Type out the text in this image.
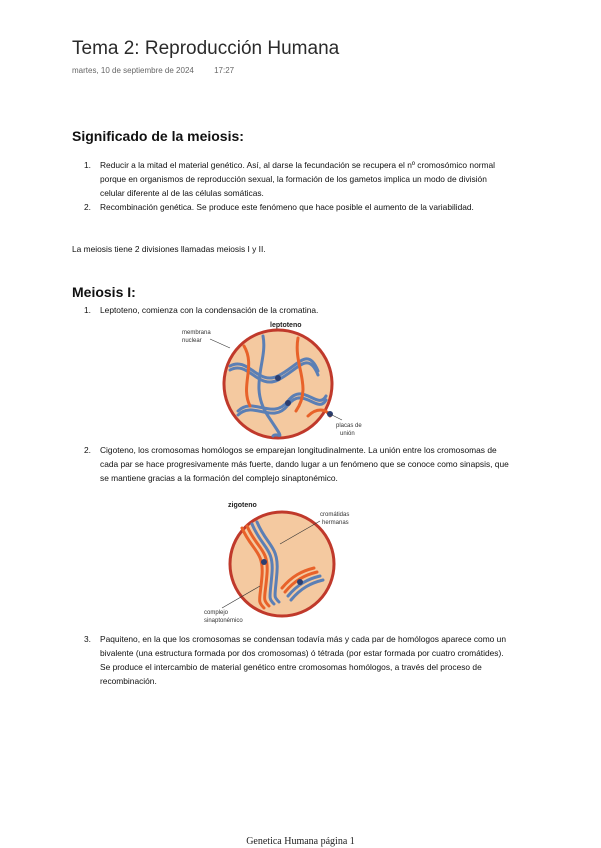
Tema 2: Reproducción Humana
martes, 10 de septiembre de 2024	17:27
Significado de la meiosis:
1. Reducir a la mitad el material genético. Así, al darse la fecundación se recupera el nº cromosómico normal porque en organismos de reproducción sexual, la formación de los gametos implica un modo de división celular diferente al de las células somáticas.
2. Recombinación genética. Se produce este fenómeno que hace posible el aumento de la variabilidad.
La meiosis tiene 2 divisiones llamadas meiosis I y II.
Meiosis I:
1. Leptoteno, comienza con la condensación de la cromatina.
leptoteno
membrana
nuclear
placas de
unión
2. Cigoteno, los cromosomas homólogos se emparejan longitudinalmente. La unión entre los cromosomas de cada par se hace progresivamente más fuerte, dando lugar a un fenómeno que se conoce como sinapsis, que se mantiene gracias a la formación del complejo sinaptonémico.
zigoteno
cromátidas
hermanas
complejo
sinaptonémico
3. Paquiteno, en la que los cromosomas se condensan todavía más y cada par de homólogos aparece como un bivalente (una estructura formada por dos cromosomas) ó tétrada (por estar formada por cuatro cromátides). Se produce el intercambio de material genético entre cromosomas homólogos, a través del proceso de recombinación.
Genetica Humana página 1
